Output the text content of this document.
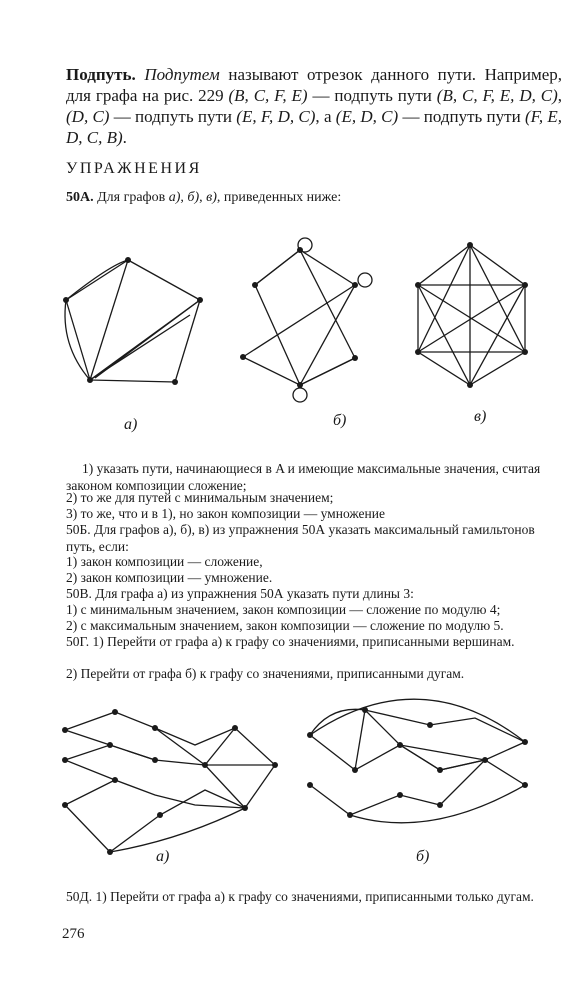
Подпуть. Подпутем называют отрезок данного пути. Например, для графа на рис. 229 (B, C, F, E) — подпуть пути (B, C, F, E, D, C), (D, C) — подпуть пути (E, F, D, C), а (E, D, C) — подпуть пути (F, E, D, C, B).
УПРАЖНЕНИЯ
50А. Для графов а), б), в), приведенных ниже:
а)	б)	в)
1) указать пути, начинающиеся в A и имеющие максимальные значения, считая законом композиции сложение;
2) то же для путей с минимальным значением;
3) то же, что и в 1), но закон композиции — умножение
50Б. Для графов а), б), в) из упражнения 50А указать максимальный гамильтонов путь, если:
1) закон композиции — сложение,
2) закон композиции — умножение.
50В. Для графа а) из упражнения 50А указать пути длины 3:
1) с минимальным значением, закон композиции — сложение по модулю 4;
2) с максимальным значением, закон композиции — сложение по модулю 5.
50Г. 1) Перейти от графа а) к графу со значениями, приписанными вершинам.
2) Перейти от графа б) к графу со значениями, приписанными дугам.
а)	б)
50Д. 1) Перейти от графа а) к графу со значениями, приписанными только дугам.
276
